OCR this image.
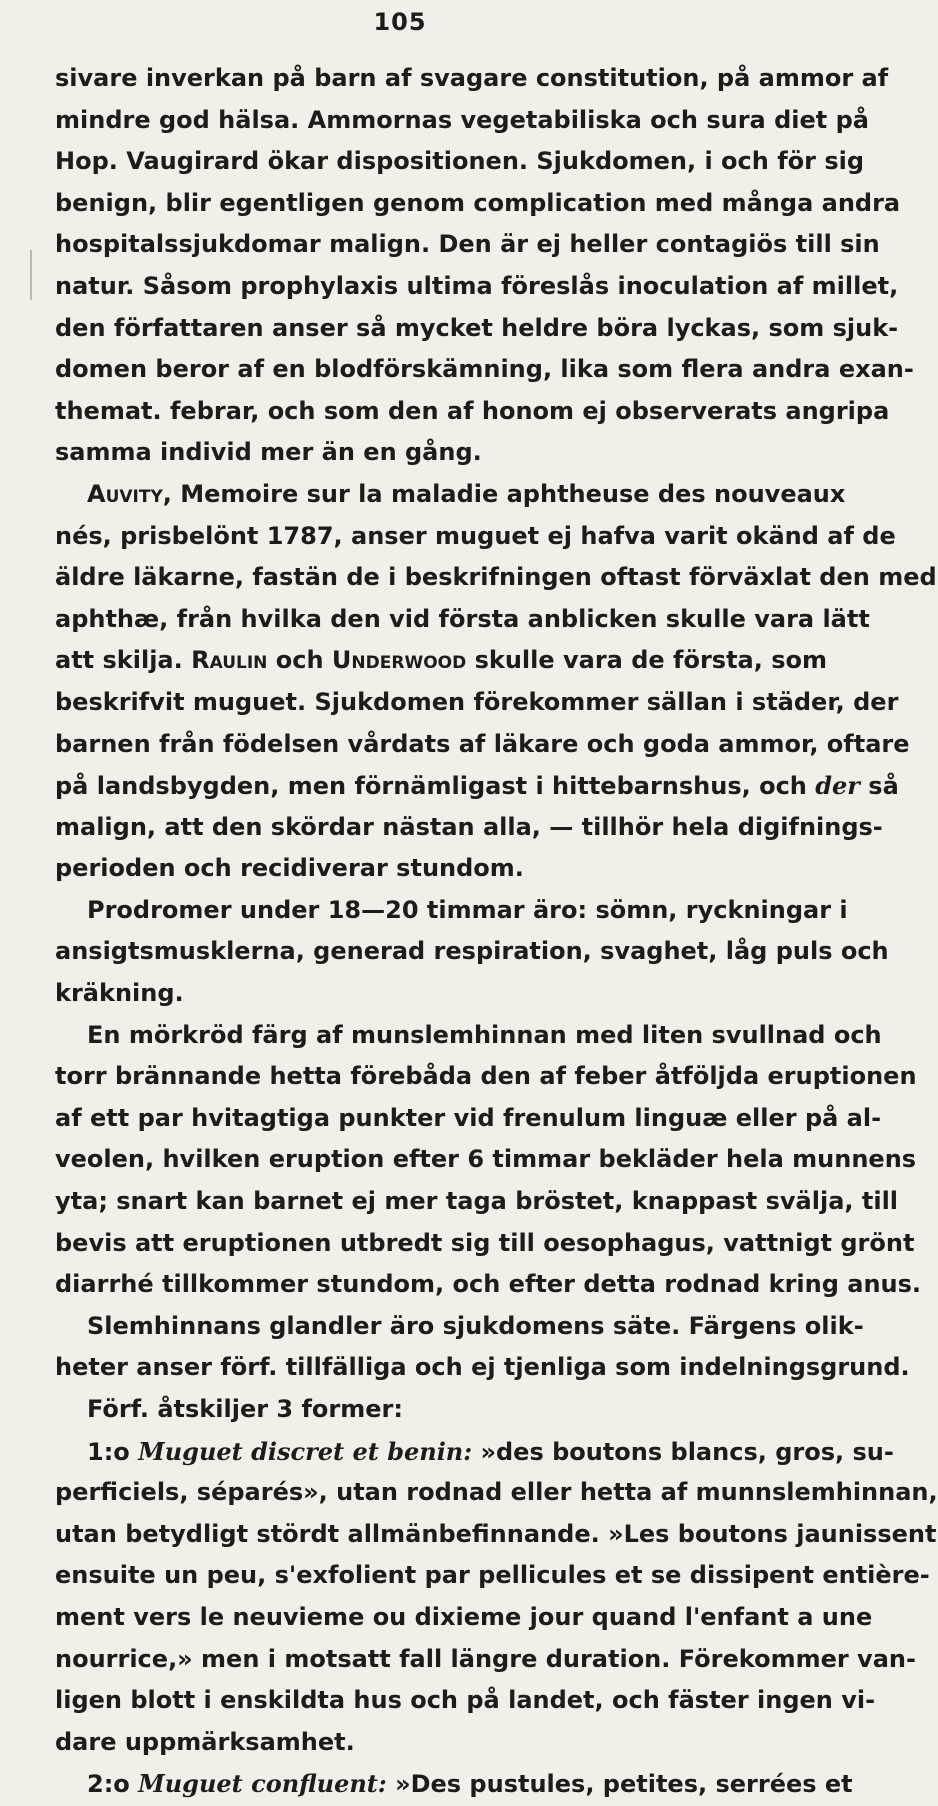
105
sivare inverkan på barn af svagare constitution, på ammor af
mindre god hälsa. Ammornas vegetabiliska och sura diet på
Hop. Vaugirard ökar dispositionen. Sjukdomen, i och för sig
benign, blir egentligen genom complication med många andra
hospitalssjukdomar malign. Den är ej heller contagiös till sin
natur. Såsom prophylaxis ultima föreslås inoculation af millet,
den författaren anser så mycket heldre böra lyckas, som sjuk-
domen beror af en blodförskämning, lika som flera andra exan-
themat. febrar, och som den af honom ej observerats angripa
samma individ mer än en gång.
Auvity, Memoire sur la maladie aphtheuse des nouveaux
nés, prisbelönt 1787, anser muguet ej hafva varit okänd af de
äldre läkarne, fastän de i beskrifningen oftast förväxlat den med
aphthæ, från hvilka den vid första anblicken skulle vara lätt
att skilja. Raulin och Underwood skulle vara de första, som
beskrifvit muguet. Sjukdomen förekommer sällan i städer, der
barnen från födelsen vårdats af läkare och goda ammor, oftare
på landsbygden, men förnämligast i hittebarnshus, och der så
malign, att den skördar nästan alla, — tillhör hela digifnings-
perioden och recidiverar stundom.
Prodromer under 18—20 timmar äro: sömn, ryckningar i
ansigtsmusklerna, generad respiration, svaghet, låg puls och
kräkning.
En mörkröd färg af munslemhinnan med liten svullnad och
torr brännande hetta förebåda den af feber åtföljda eruptionen
af ett par hvitagtiga punkter vid frenulum linguæ eller på al-
veolen, hvilken eruption efter 6 timmar bekläder hela munnens
yta; snart kan barnet ej mer taga bröstet, knappast svälja, till
bevis att eruptionen utbredt sig till oesophagus, vattnigt grönt
diarrhé tillkommer stundom, och efter detta rodnad kring anus.
Slemhinnans glandler äro sjukdomens säte. Färgens olik-
heter anser förf. tillfälliga och ej tjenliga som indelningsgrund.
Förf. åtskiljer 3 former:
1:o Muguet discret et benin: »des boutons blancs, gros, su-
perficiels, séparés», utan rodnad eller hetta af munnslemhinnan,
utan betydligt stördt allmänbefinnande. »Les boutons jaunissent
ensuite un peu, s'exfolient par pellicules et se dissipent entière-
ment vers le neuvieme ou dixieme jour quand l'enfant a une
nourrice,» men i motsatt fall längre duration. Förekommer van-
ligen blott i enskildta hus och på landet, och fäster ingen vi-
dare uppmärksamhet.
2:o Muguet confluent: »Des pustules, petites, serrées et
